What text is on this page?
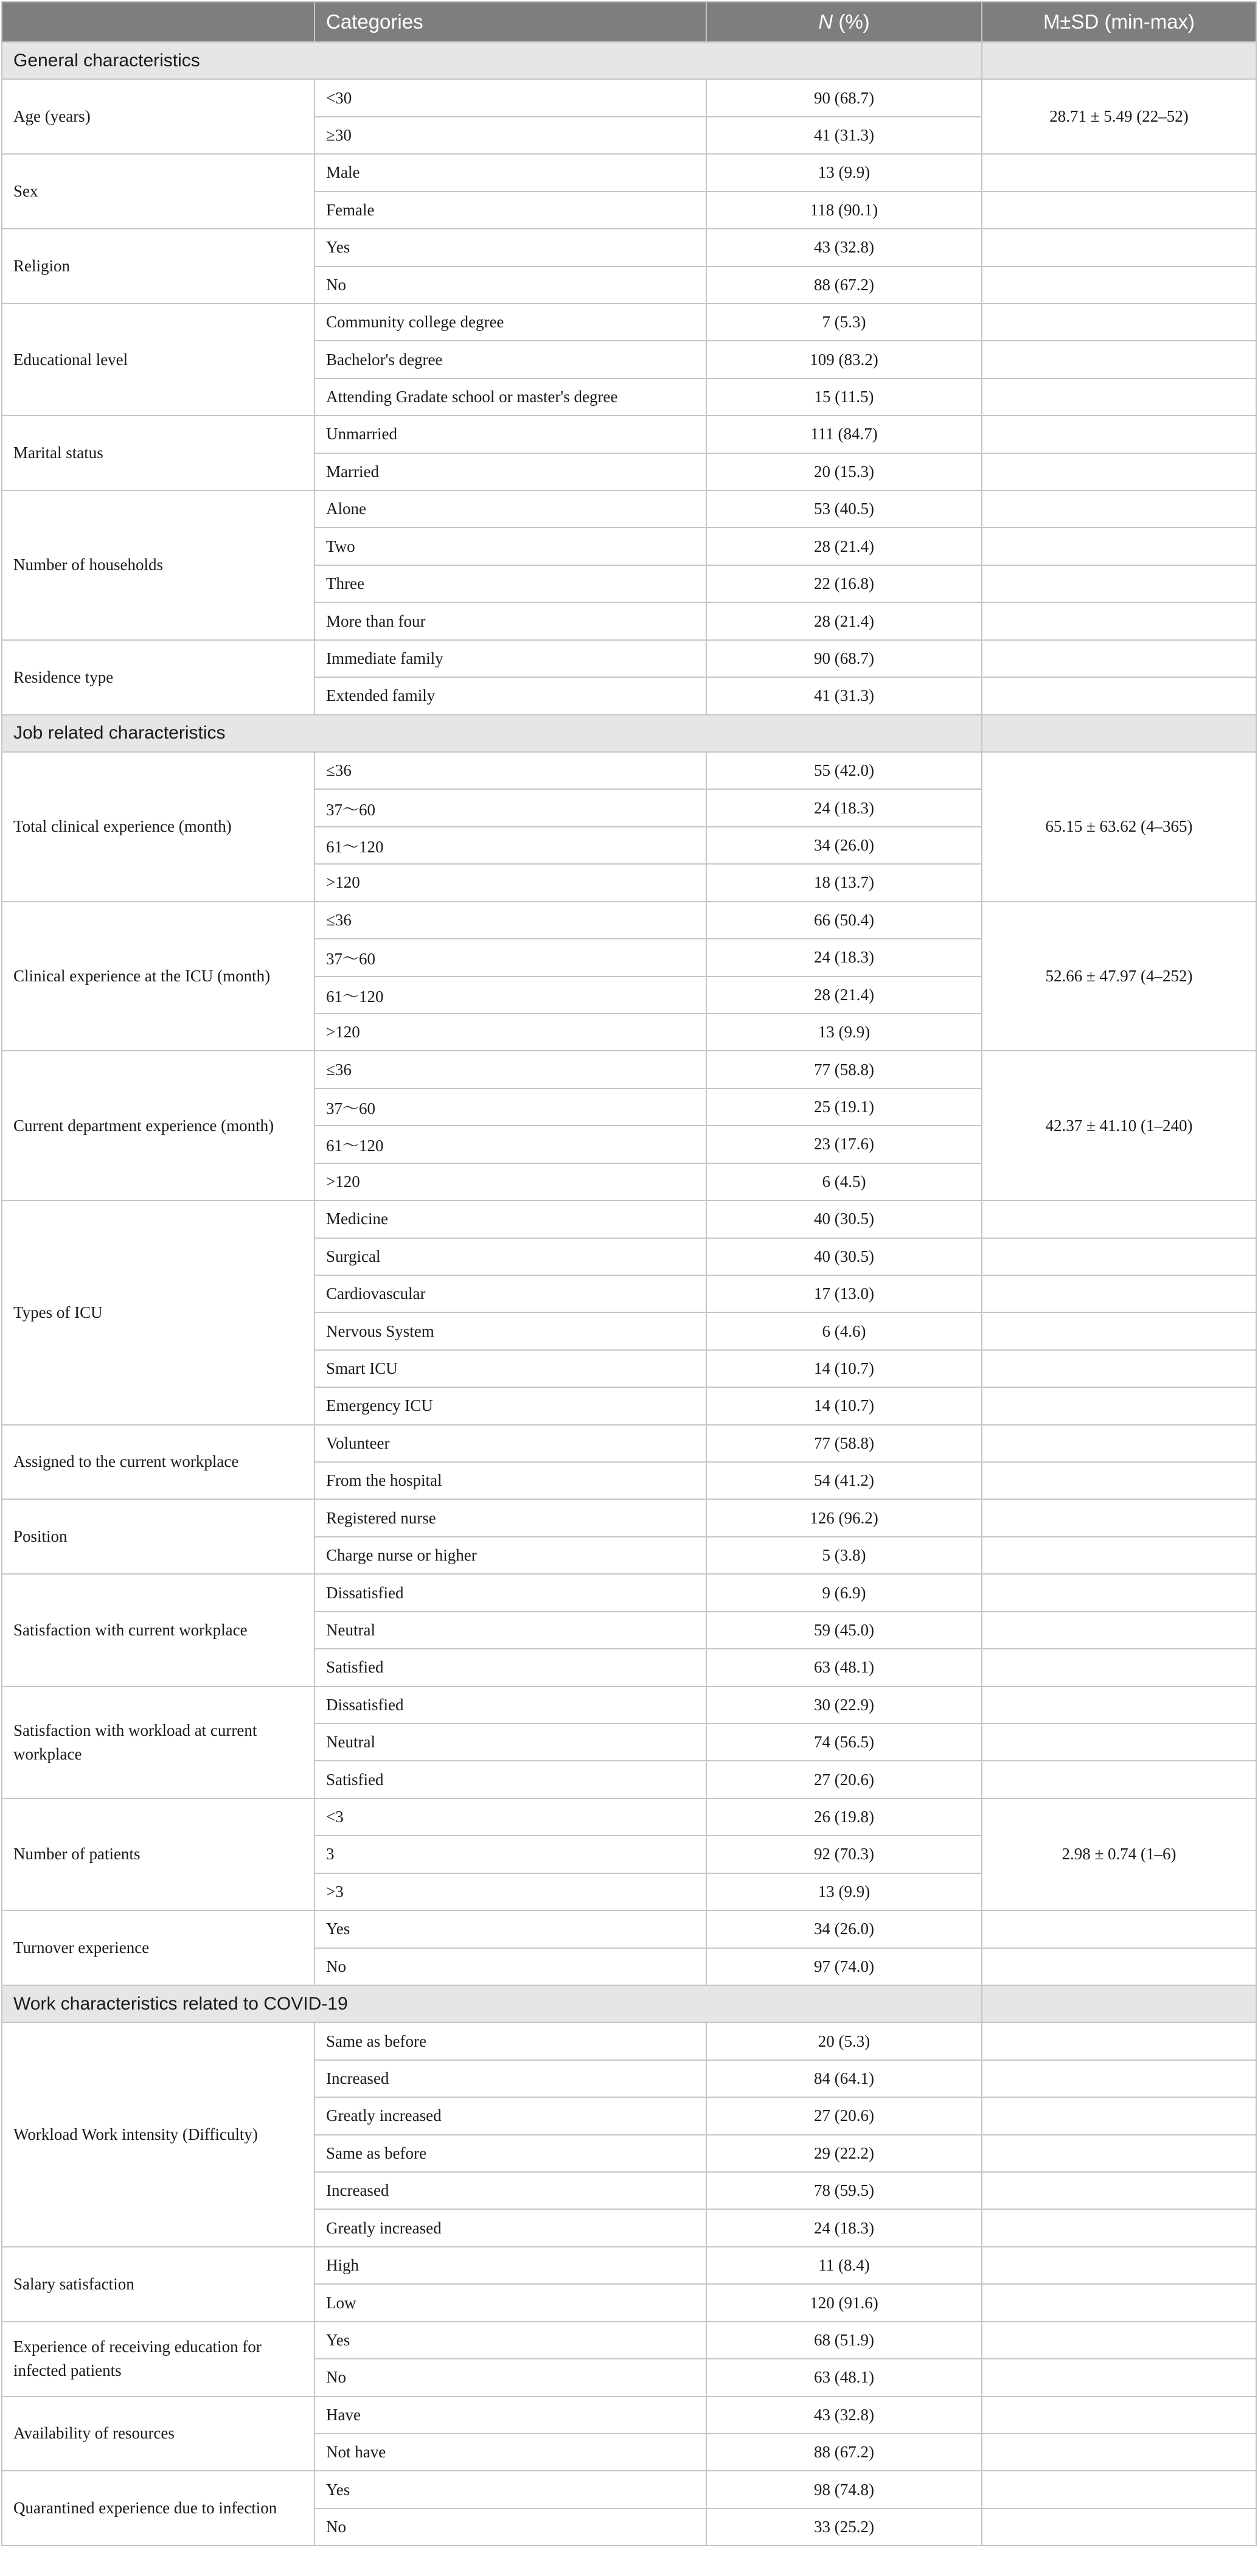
	Categories	N (%)	M±SD (min-max)
General characteristics			
Age (years)	<30	90 (68.7)	28.71 ± 5.49 (22–52)
	≥30	41 (31.3)	
Sex	Male	13 (9.9)	
	Female	118 (90.1)	
Religion	Yes	43 (32.8)	
	No	88 (67.2)	
Educational level	Community college degree	7 (5.3)	
	Bachelor's degree	109 (83.2)	
	Attending Gradate school or master's degree	15 (11.5)	
Marital status	Unmarried	111 (84.7)	
	Married	20 (15.3)	
Number of households	Alone	53 (40.5)	
	Two	28 (21.4)	
	Three	22 (16.8)	
	More than four	28 (21.4)	
Residence type	Immediate family	90 (68.7)	
	Extended family	41 (31.3)	
Job related characteristics			
Total clinical experience (month)	≤36	55 (42.0)	65.15 ± 63.62 (4–365)
	37～60	24 (18.3)	
	61～120	34 (26.0)	
	>120	18 (13.7)	
Clinical experience at the ICU (month)	≤36	66 (50.4)	52.66 ± 47.97 (4–252)
	37～60	24 (18.3)	
	61～120	28 (21.4)	
	>120	13 (9.9)	
Current department experience (month)	≤36	77 (58.8)	42.37 ± 41.10 (1–240)
	37～60	25 (19.1)	
	61～120	23 (17.6)	
	>120	6 (4.5)	
Types of ICU	Medicine	40 (30.5)	
	Surgical	40 (30.5)	
	Cardiovascular	17 (13.0)	
	Nervous System	6 (4.6)	
	Smart ICU	14 (10.7)	
	Emergency ICU	14 (10.7)	
Assigned to the current workplace	Volunteer	77 (58.8)	
	From the hospital	54 (41.2)	
Position	Registered nurse	126 (96.2)	
	Charge nurse or higher	5 (3.8)	
Satisfaction with current workplace	Dissatisfied	9 (6.9)	
	Neutral	59 (45.0)	
	Satisfied	63 (48.1)	
Satisfaction with workload at current workplace	Dissatisfied	30 (22.9)	
	Neutral	74 (56.5)	
	Satisfied	27 (20.6)	
Number of patients	<3	26 (19.8)	2.98 ± 0.74 (1–6)
	3	92 (70.3)	
	>3	13 (9.9)	
Turnover experience	Yes	34 (26.0)	
	No	97 (74.0)	
Work characteristics related to COVID-19			
Workload Work intensity (Difficulty)	Same as before	20 (5.3)	
	Increased	84 (64.1)	
	Greatly increased	27 (20.6)	
	Same as before	29 (22.2)	
	Increased	78 (59.5)	
	Greatly increased	24 (18.3)	
Salary satisfaction	High	11 (8.4)	
	Low	120 (91.6)	
Experience of receiving education for infected patients	Yes	68 (51.9)	
	No	63 (48.1)	
Availability of resources	Have	43 (32.8)	
	Not have	88 (67.2)	
Quarantined experience due to infection	Yes	98 (74.8)	
	No	33 (25.2)	
